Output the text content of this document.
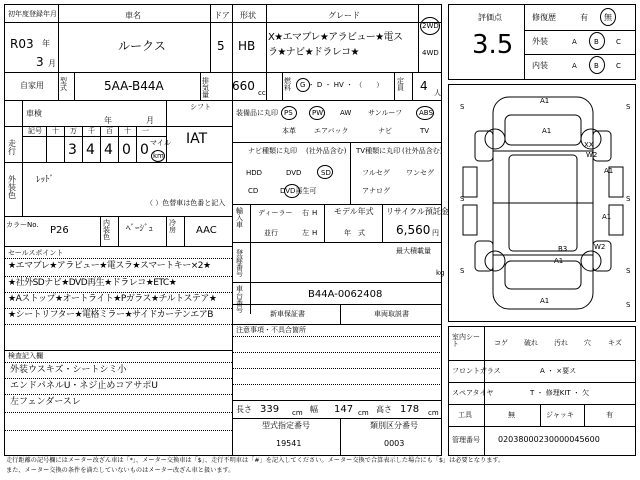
初年度登録年月
R03 年
3 月
車名
ルークス
ドア
5
形状
HB
グレード
X★エマブレ★アラビュー★電ス
ラ★ナビ★ドラレコ★
2WD
4WD
自家用 型式	5AA-B44A	排気量
660 cc
燃料	G ・ D ・ HV ・ （　　） 定員	4 人
車検
年	月
シフト
IAT
走行
記号 十 万 千 百 十 一
3 4 4 0 0 マイル
km
外装色
ﾚｯﾄﾞ
（ ）色替車は色番と記入
カラーNo. P26
内装色
ﾍﾞｰｼﾞｭ
冷房	AAC
セールスポイント
★エマブレ★アラビュー★電スラ★スマートキー×2★
★社外SDナビ★DVD再生★ドラレコ★ETC★
★Aストップ★オートライト★Pガラス★チルトステア★
★シートリフター★電格ミラー★サイドカーテンエアB
検査記入欄
外装ウスキズ・シートシミ小
エンドパネルU・ネジ止めコアサポU
左フェンダースレ
装備品に丸印 PS	PW AW サンルーフ ABS
本革	エアバック	ナビ	TV
ナビ種類に丸印 (社外品含む)
HDD	DVD	SD
CD	DVD再生可
TV種類に丸印 (社外品含む)
フルセグ ワンセグ
アナログ
輸入車
ディーラー
並行
右 H
左 H
モデル年式
年　式
リサイクル預託金
6,560 円
登録番号
最大積載量
kg
車台番号
B44A-0062408
新車保証書	車両取説書
注意事項・不具合箇所
長さ 339 cm 幅 147 cm 高さ 178 cm
型式指定番号
19541
類別区分番号
0003
評価点
3.5
修復歴	有 無
外装	A B C
内装	A B C
A1
A1
XX
W2
A1
S	S
S	S
S	S
A1
B3
A1
W2
A1	S
室内シート	コゲ 破れ 汚れ 穴 キズ
フロントガラス	A ・ ×要ス
スペアタイヤ	T ・ 修理KIT ・ 欠
工具	無	ジャッキ	有
管理番号 02038000230000045600
走行距離の記号欄にはメーター改ざん車は「*」、メーター交換車は「$」、走行不明車は「#」を記入してください。メーター交換で合算表示した場合にも「$」は必要となります。
また、メーター交換の条件を満たしていないものはメーター改ざん車と扱います。
